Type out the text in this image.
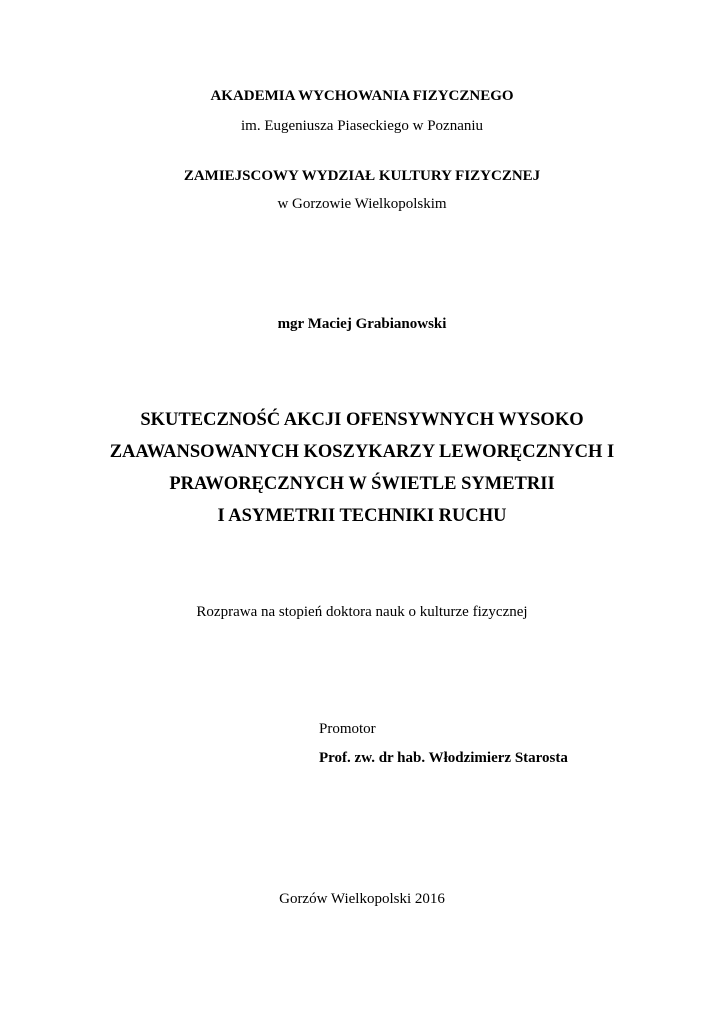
AKADEMIA WYCHOWANIA FIZYCZNEGO
im. Eugeniusza Piaseckiego w Poznaniu
ZAMIEJSCOWY WYDZIAŁ KULTURY FIZYCZNEJ
w Gorzowie Wielkopolskim
mgr Maciej Grabianowski
SKUTECZNOŚĆ AKCJI OFENSYWNYCH WYSOKO
ZAAWANSOWANYCH KOSZYKARZY LEWORĘCZNYCH I
PRAWORĘCZNYCH W ŚWIETLE SYMETRII
I ASYMETRII TECHNIKI RUCHU
Rozprawa na stopień doktora nauk o kulturze fizycznej
Promotor
Prof. zw. dr hab. Włodzimierz Starosta
Gorzów Wielkopolski 2016
